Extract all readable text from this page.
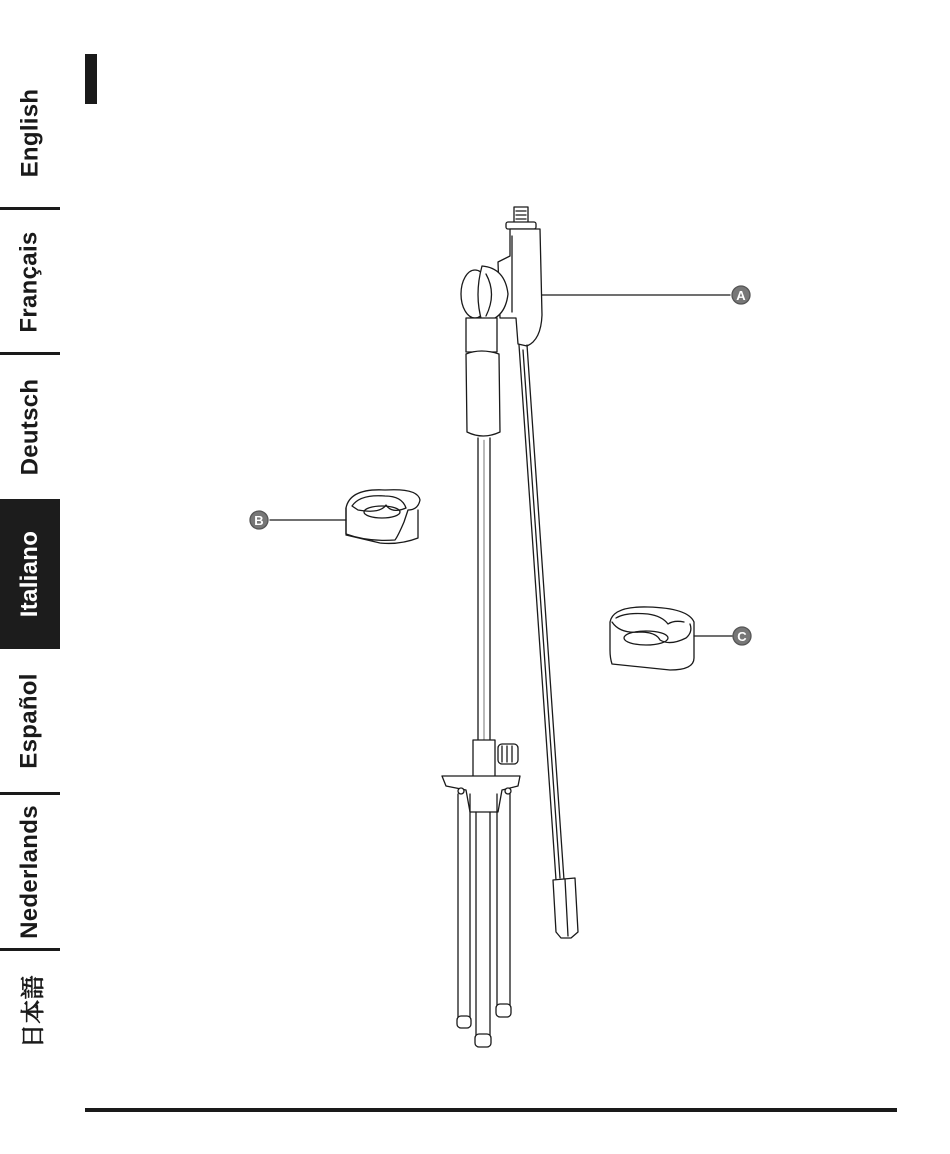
English
Français
Deutsch
Italiano
Español
Nederlands
日本語
A
B
C
